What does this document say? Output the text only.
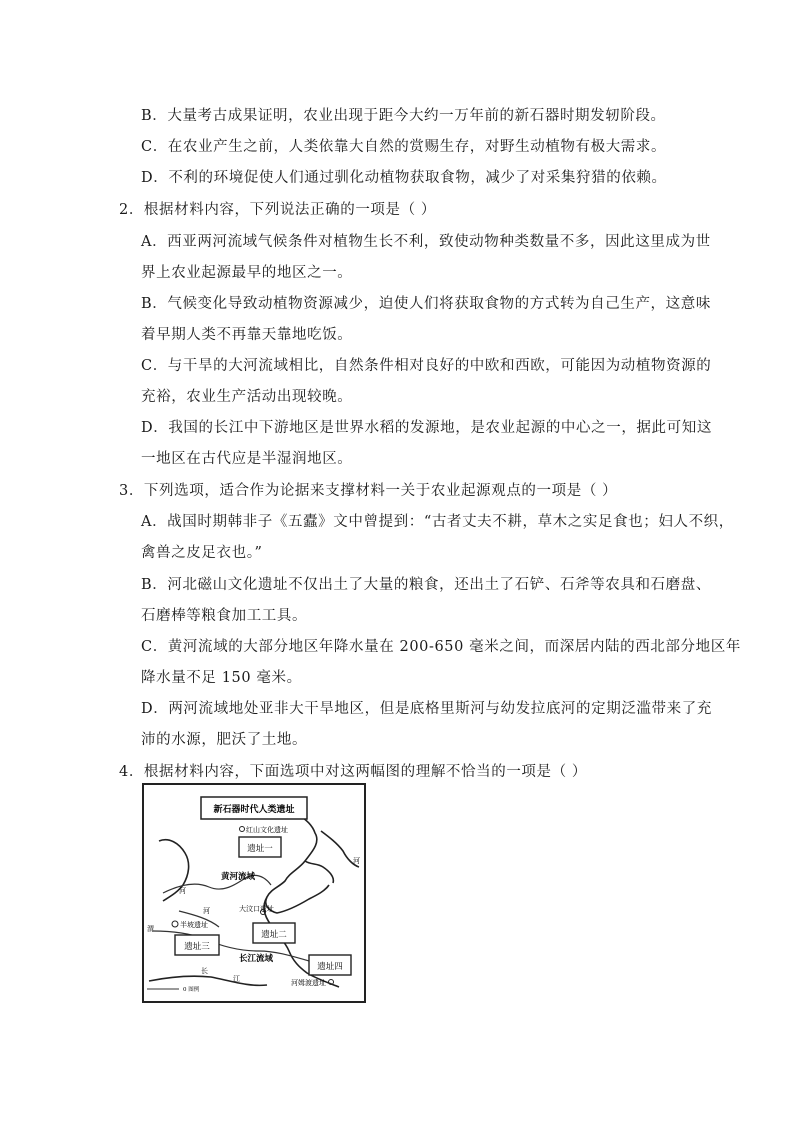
B．大量考古成果证明，农业出现于距今大约一万年前的新石器时期发轫阶段。
C．在农业产生之前，人类依靠大自然的赏赐生存，对野生动植物有极大需求。
D．不利的环境促使人们通过驯化动植物获取食物，减少了对采集狩猎的依赖。
2．根据材料内容，下列说法正确的一项是（ ）
A．西亚两河流域气候条件对植物生长不利，致使动物种类数量不多，因此这里成为世
界上农业起源最早的地区之一。
B．气候变化导致动植物资源减少，迫使人们将获取食物的方式转为自己生产，这意味
着早期人类不再靠天靠地吃饭。
C．与干旱的大河流域相比，自然条件相对良好的中欧和西欧，可能因为动植物资源的
充裕，农业生产活动出现较晚。
D．我国的长江中下游地区是世界水稻的发源地，是农业起源的中心之一，据此可知这
一地区在古代应是半湿润地区。
3．下列选项，适合作为论据来支撑材料一关于农业起源观点的一项是（ ）
A．战国时期韩非子《五蠹》文中曾提到：“古者丈夫不耕，草木之实足食也；妇人不织，
禽兽之皮足衣也。”
B．河北磁山文化遗址不仅出土了大量的粮食，还出土了石铲、石斧等农具和石磨盘、
石磨棒等粮食加工工具。
C．黄河流域的大部分地区年降水量在 200-650 毫米之间，而深居内陆的西北部分地区年
降水量不足 150 毫米。
D．两河流域地处亚非大干旱地区，但是底格里斯河与幼发拉底河的定期泛滥带来了充
沛的水源，肥沃了土地。
4．根据材料内容，下面选项中对这两幅图的理解不恰当的一项是（ ）
新石器时代人类遗址
红山文化遗址
遗址一
黄河流域
河	大汶口遗址
半坡遗址
渭
遗址三
遗址二
长江流域
长
江
遗址四
河姆渡遗址
河
河
0 图例
